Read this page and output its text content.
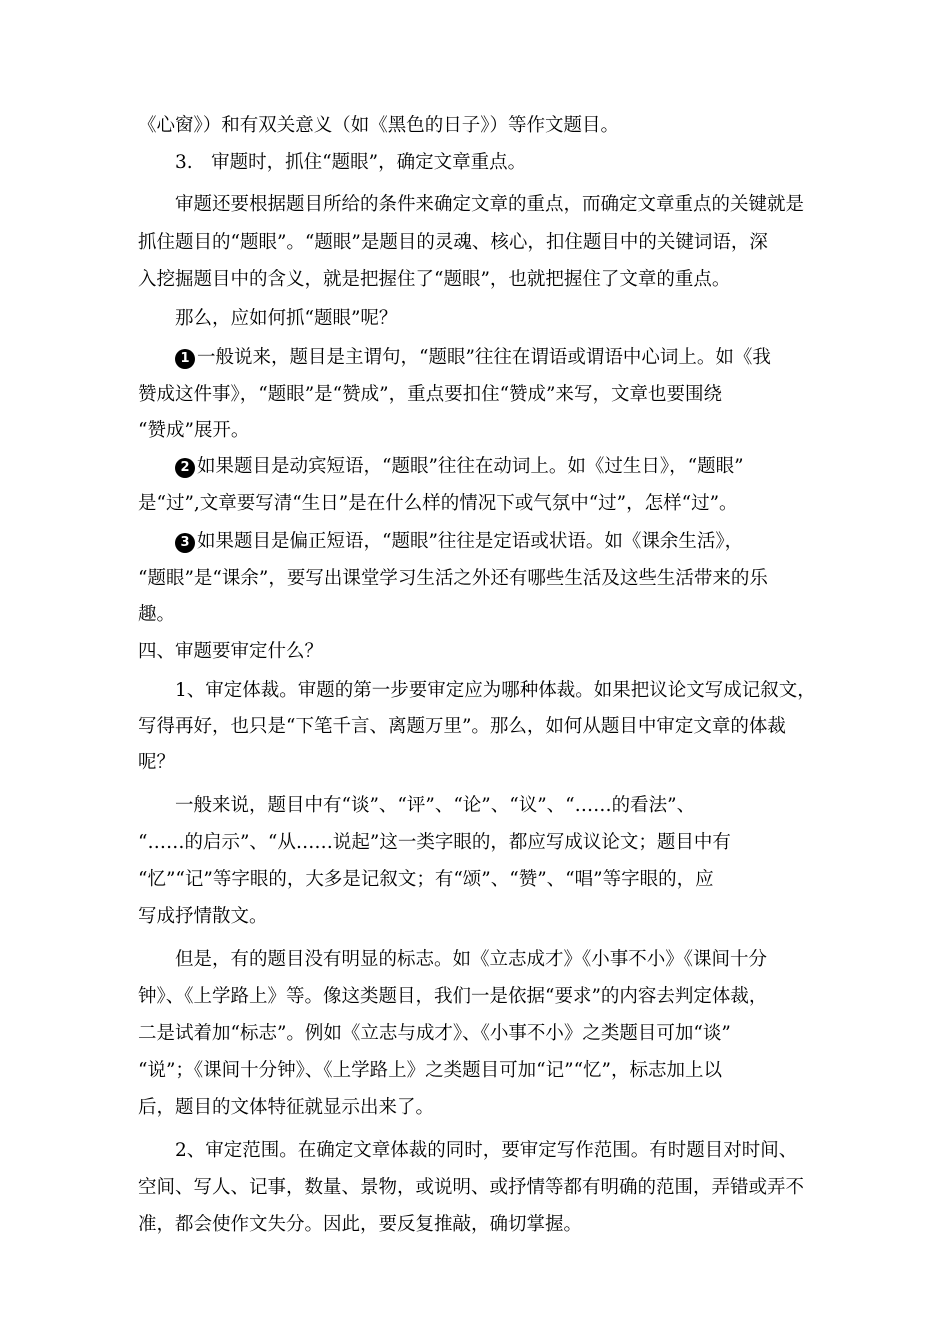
《心窗》）和有双关意义（如《黑色的日子》）等作文题目。
3.　审题时，抓住“题眼”，确定文章重点。
审题还要根据题目所给的条件来确定文章的重点，而确定文章重点的关键就是
抓住题目的“题眼”。“题眼”是题目的灵魂、核心，扣住题目中的关键词语，深
入挖掘题目中的含义，就是把握住了“题眼”，也就把握住了文章的重点。
那么，应如何抓“题眼”呢？
1 一般说来，题目是主谓句，“题眼”往往在谓语或谓语中心词上。如《我
赞成这件事》，“题眼”是“赞成”，重点要扣住“赞成”来写，文章也要围绕
“赞成”展开。
2 如果题目是动宾短语，“题眼”往往在动词上。如《过生日》，“题眼”
是“过”,文章要写清“生日”是在什么样的情况下或气氛中“过”，怎样“过”。
3 如果题目是偏正短语，“题眼”往往是定语或状语。如《课余生活》，
“题眼”是“课余”，要写出课堂学习生活之外还有哪些生活及这些生活带来的乐
趣。
四、审题要审定什么？
1、审定体裁。审题的第一步要审定应为哪种体裁。如果把议论文写成记叙文，
写得再好，也只是“下笔千言、离题万里”。那么，如何从题目中审定文章的体裁
呢？
一般来说，题目中有“谈”、“评”、“论”、“议”、“……的看法”、
“……的启示”、“从……说起”这一类字眼的，都应写成议论文；题目中有
“忆”“记”等字眼的，大多是记叙文；有“颂”、“赞”、“唱”等字眼的，应
写成抒情散文。
但是，有的题目没有明显的标志。如《立志成才》《小事不小》《课间十分
钟》、《上学路上》等。像这类题目，我们一是依据“要求”的内容去判定体裁，
二是试着加“标志”。例如《立志与成才》、《小事不小》之类题目可加“谈”
“说”；《课间十分钟》、《上学路上》之类题目可加“记”“忆”，标志加上以
后，题目的文体特征就显示出来了。
2、审定范围。在确定文章体裁的同时，要审定写作范围。有时题目对时间、
空间、写人、记事，数量、景物，或说明、或抒情等都有明确的范围，弄错或弄不
准，都会使作文失分。因此，要反复推敲，确切掌握。
